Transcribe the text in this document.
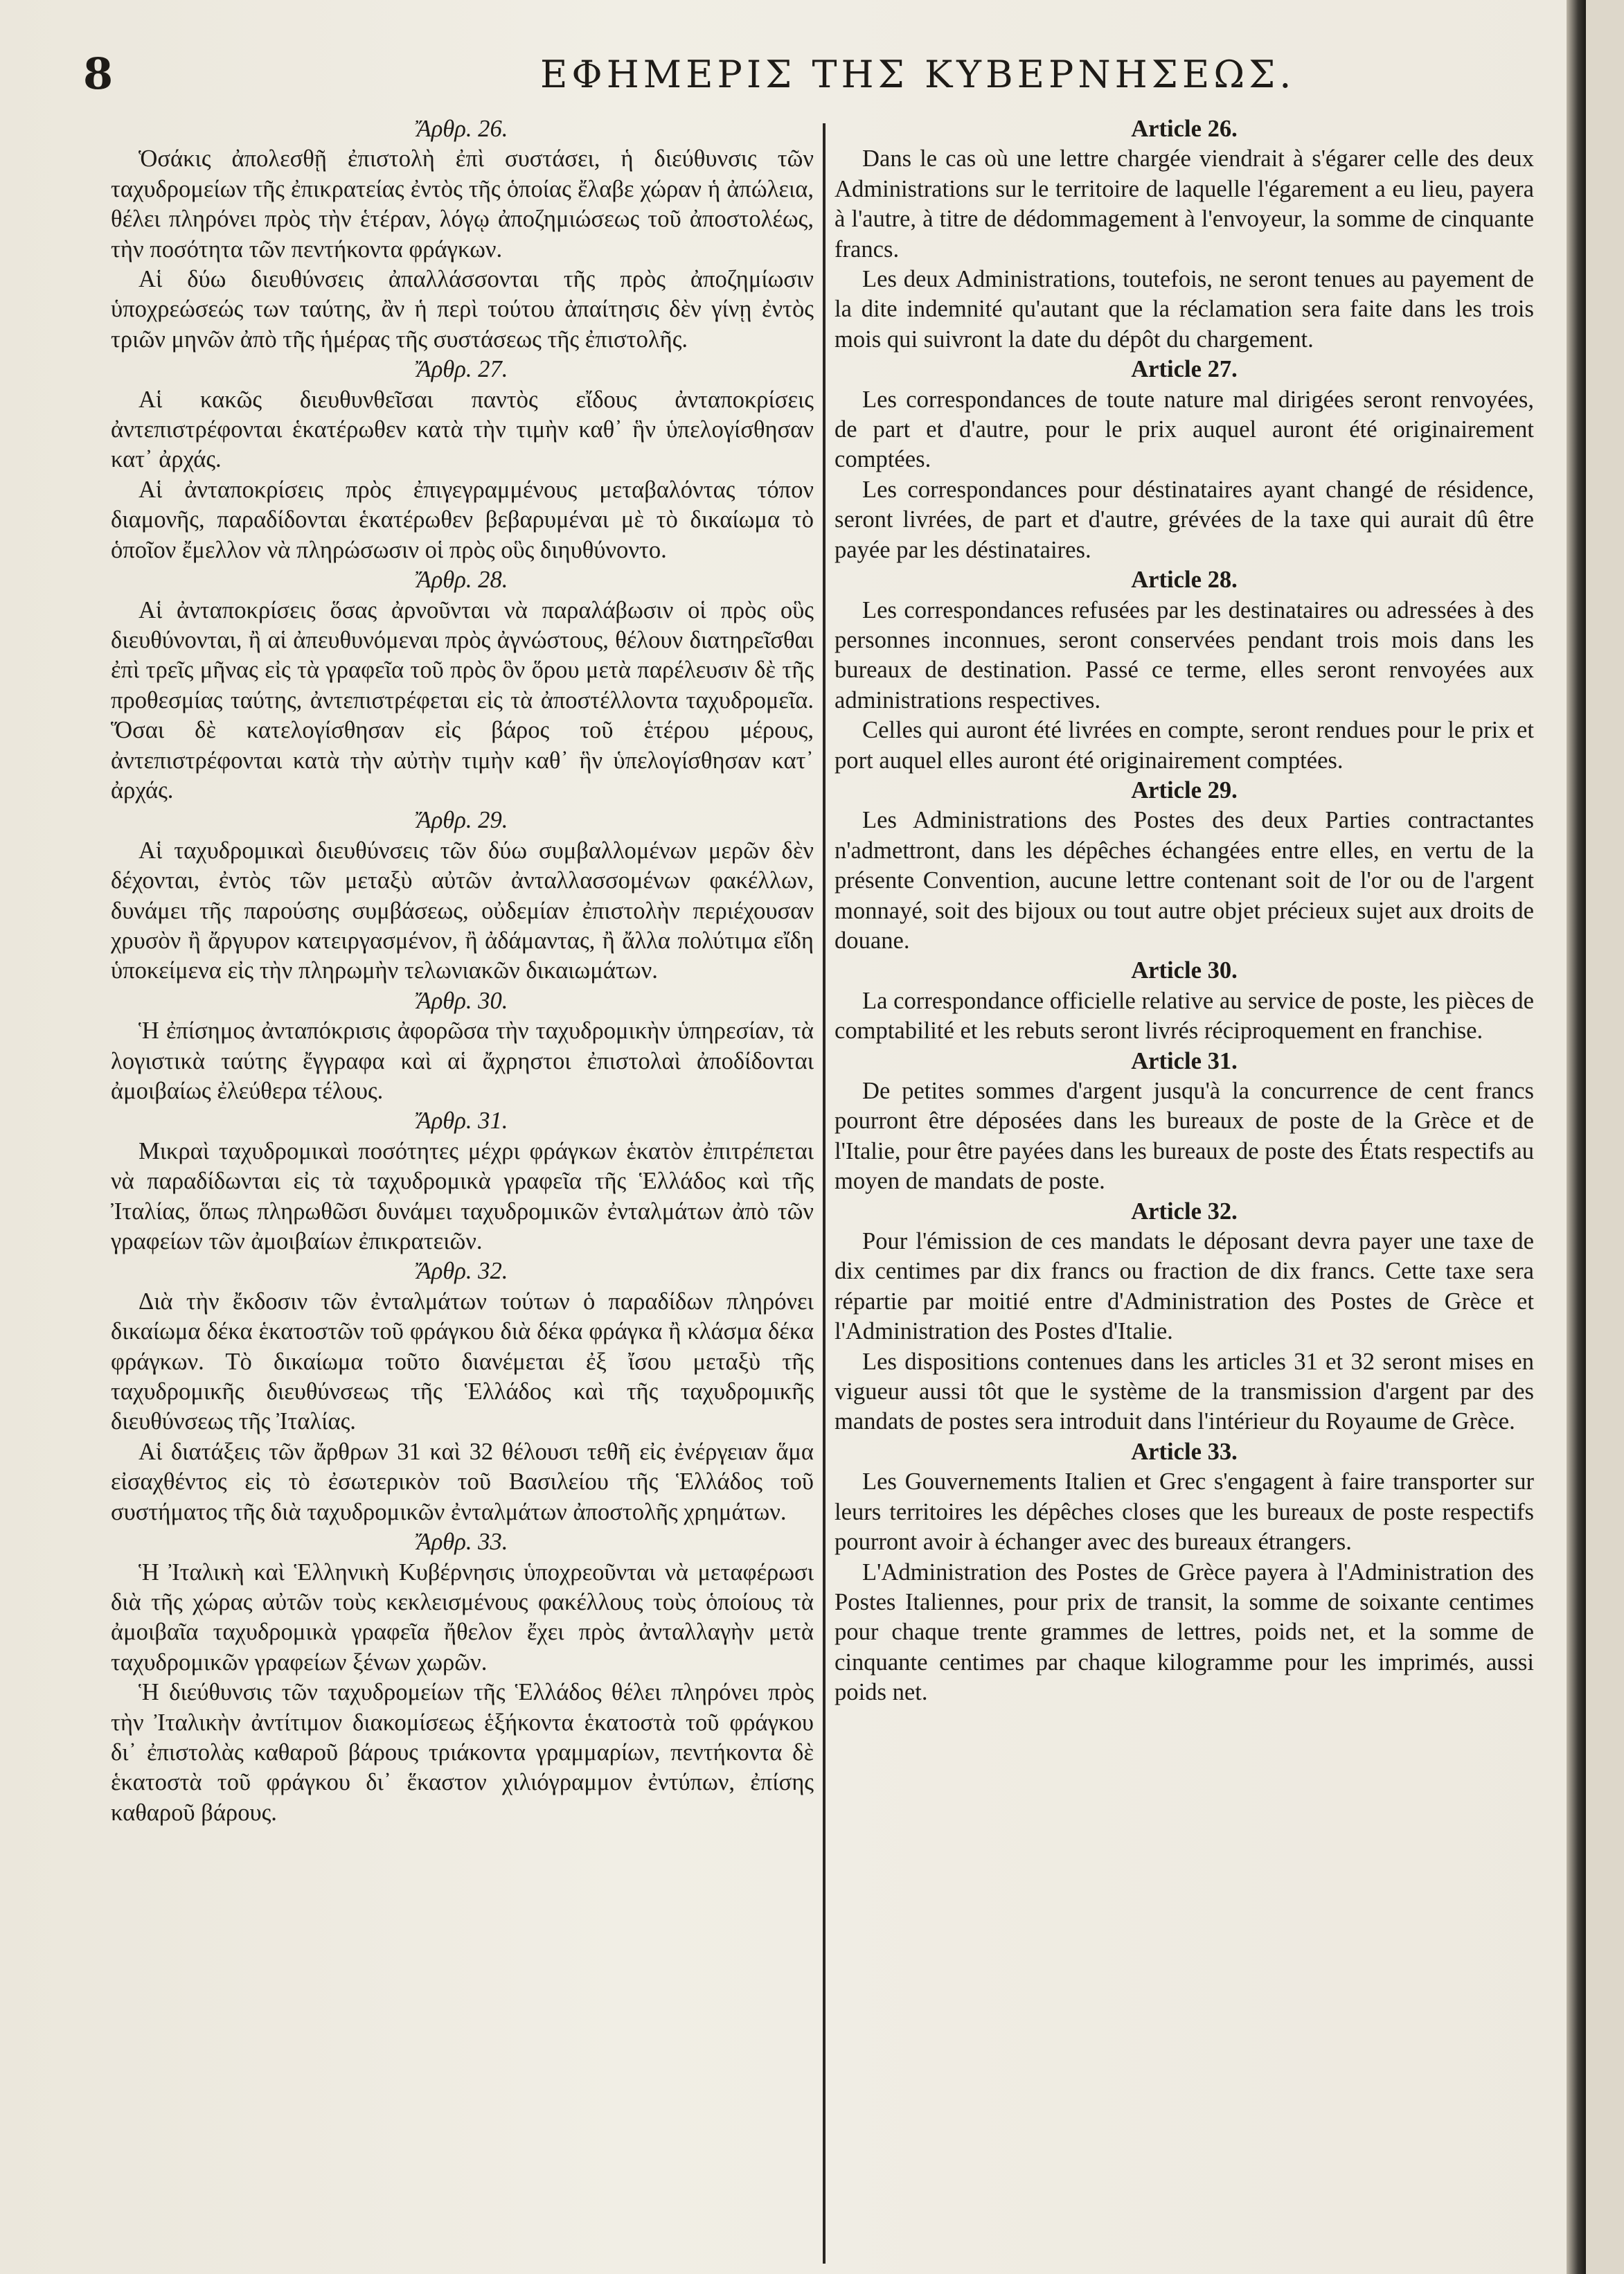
8	ΕΦΗΜΕΡΙΣ ΤΗΣ ΚΥΒΕΡΝΗΣΕΩΣ.
Ἄρθρ. 26.

Ὁσάκις ἀπολεσθῇ ἐπιστολὴ ἐπὶ συστάσει, ἡ διεύθυνσις τῶν ταχυδρομείων τῆς ἐπικρατείας ἐντὸς τῆς ὁποίας ἔλαβε χώραν ἡ ἀπώλεια, θέλει πληρόνει πρὸς τὴν ἑτέραν, λόγῳ ἀποζημιώσεως τοῦ ἀποστολέως, τὴν ποσότητα τῶν πεντήκοντα φράγκων.

Αἱ δύω διευθύνσεις ἀπαλλάσσονται τῆς πρὸς ἀποζημίωσιν ὑποχρεώσεώς των ταύτης, ἂν ἡ περὶ τούτου ἀπαίτησις δὲν γίνῃ ἐντὸς τριῶν μηνῶν ἀπὸ τῆς ἡμέρας τῆς συστάσεως τῆς ἐπιστολῆς.

Ἄρθρ. 27.

Αἱ κακῶς διευθυνθεῖσαι παντὸς εἴδους ἀνταποκρίσεις ἀντεπιστρέφονται ἑκατέρωθεν κατὰ τὴν τιμὴν καθ᾽ ἣν ὑπελογίσθησαν κατ᾽ ἀρχάς.

Αἱ ἀνταποκρίσεις πρὸς ἐπιγεγραμμένους μεταβαλόντας τόπον διαμονῆς, παραδίδονται ἑκατέρωθεν βεβαρυμέναι μὲ τὸ δικαίωμα τὸ ὁποῖον ἔμελλον νὰ πληρώσωσιν οἱ πρὸς οὓς διηυθύνοντο.

Ἄρθρ. 28.

Αἱ ἀνταποκρίσεις ὅσας ἀρνοῦνται νὰ παραλάβωσιν οἱ πρὸς οὓς διευθύνονται, ἢ αἱ ἀπευθυνόμεναι πρὸς ἀγνώστους, θέλουν διατηρεῖσθαι ἐπὶ τρεῖς μῆνας εἰς τὰ γραφεῖα τοῦ πρὸς ὃν ὅρου μετὰ παρέλευσιν δὲ τῆς προθεσμίας ταύτης, ἀντεπιστρέφεται εἰς τὰ ἀποστέλλοντα ταχυδρομεῖα. Ὅσαι δὲ κατελογίσθησαν εἰς βάρος τοῦ ἑτέρου μέρους, ἀντεπιστρέφονται κατὰ τὴν αὐτὴν τιμὴν καθ᾽ ἣν ὑπελογίσθησαν κατ᾽ ἀρχάς.

Ἄρθρ. 29.

Αἱ ταχυδρομικαὶ διευθύνσεις τῶν δύω συμβαλλομένων μερῶν δὲν δέχονται, ἐντὸς τῶν μεταξὺ αὐτῶν ἀνταλλασσομένων φακέλλων, δυνάμει τῆς παρούσης συμβάσεως, οὐδεμίαν ἐπιστολὴν περιέχουσαν χρυσὸν ἢ ἄργυρον κατειργασμένον, ἢ ἀδάμαντας, ἢ ἄλλα πολύτιμα εἴδη ὑποκείμενα εἰς τὴν πληρωμὴν τελωνιακῶν δικαιωμάτων.

Ἄρθρ. 30.

Ἡ ἐπίσημος ἀνταπόκρισις ἀφορῶσα τὴν ταχυδρομικὴν ὑπηρεσίαν, τὰ λογιστικὰ ταύτης ἔγγραφα καὶ αἱ ἄχρηστοι ἐπιστολαὶ ἀποδίδονται ἀμοιβαίως ἐλεύθερα τέλους.

Ἄρθρ. 31.

Μικραὶ ταχυδρομικαὶ ποσότητες μέχρι φράγκων ἑκατὸν ἐπιτρέπεται νὰ παραδίδωνται εἰς τὰ ταχυδρομικὰ γραφεῖα τῆς Ἑλλάδος καὶ τῆς Ἰταλίας, ὅπως πληρωθῶσι δυνάμει ταχυδρομικῶν ἐνταλμάτων ἀπὸ τῶν γραφείων τῶν ἀμοιβαίων ἐπικρατειῶν.

Ἄρθρ. 32.

Διὰ τὴν ἔκδοσιν τῶν ἐνταλμάτων τούτων ὁ παραδίδων πληρόνει δικαίωμα δέκα ἑκατοστῶν τοῦ φράγκου διὰ δέκα φράγκα ἢ κλάσμα δέκα φράγκων. Τὸ δικαίωμα τοῦτο διανέμεται ἐξ ἴσου μεταξὺ τῆς ταχυδρομικῆς διευθύνσεως τῆς Ἑλλάδος καὶ τῆς ταχυδρομικῆς διευθύνσεως τῆς Ἰταλίας.

Αἱ διατάξεις τῶν ἄρθρων 31 καὶ 32 θέλουσι τεθῆ εἰς ἐνέργειαν ἅμα εἰσαχθέντος εἰς τὸ ἐσωτερικὸν τοῦ Βασιλείου τῆς Ἑλλάδος τοῦ συστήματος τῆς διὰ ταχυδρομικῶν ἐνταλμάτων ἀποστολῆς χρημάτων.

Ἄρθρ. 33.

Ἡ Ἰταλικὴ καὶ Ἑλληνικὴ Κυβέρνησις ὑποχρεοῦνται νὰ μεταφέρωσι διὰ τῆς χώρας αὐτῶν τοὺς κεκλεισμένους φακέλλους τοὺς ὁποίους τὰ ἀμοιβαῖα ταχυδρομικὰ γραφεῖα ἤθελον ἔχει πρὸς ἀνταλλαγὴν μετὰ ταχυδρομικῶν γραφείων ξένων χωρῶν.

Ἡ διεύθυνσις τῶν ταχυδρομείων τῆς Ἑλλάδος θέλει πληρόνει πρὸς τὴν Ἰταλικὴν ἀντίτιμον διακομίσεως ἑξήκοντα ἑκατοστὰ τοῦ φράγκου δι᾽ ἐπιστολὰς καθαροῦ βάρους τριάκοντα γραμμαρίων, πεντήκοντα δὲ ἑκατοστὰ τοῦ φράγκου δι᾽ ἕκαστον χιλιόγραμμον ἐντύπων, ἐπίσης καθαροῦ βάρους.

Article 26.

Dans le cas où une lettre chargée viendrait à s'égarer celle des deux Administrations sur le territoire de laquelle l'égarement a eu lieu, payera à l'autre, à titre de dédommagement à l'envoyeur, la somme de cinquante francs.

Les deux Administrations, toutefois, ne seront tenues au payement de la dite indemnité qu'autant que la réclamation sera faite dans les trois mois qui suivront la date du dépôt du chargement.

Article 27.

Les correspondances de toute nature mal dirigées seront renvoyées, de part et d'autre, pour le prix auquel auront été originairement comptées.

Les correspondances pour déstinataires ayant changé de résidence, seront livrées, de part et d'autre, grévées de la taxe qui aurait dû être payée par les déstinataires.

Article 28.

Les correspondances refusées par les destinataires ou adressées à des personnes inconnues, seront conservées pendant trois mois dans les bureaux de destination. Passé ce terme, elles seront renvoyées aux administrations respectives.

Celles qui auront été livrées en compte, seront rendues pour le prix et port auquel elles auront été originairement comptées.

Article 29.

Les Administrations des Postes des deux Parties contractantes n'admettront, dans les dépêches échangées entre elles, en vertu de la présente Convention, aucune lettre contenant soit de l'or ou de l'argent monnayé, soit des bijoux ou tout autre objet précieux sujet aux droits de douane.

Article 30.

La correspondance officielle relative au service de poste, les pièces de comptabilité et les rebuts seront livrés réciproquement en franchise.

Article 31.

De petites sommes d'argent jusqu'à la concurrence de cent francs pourront être déposées dans les bureaux de poste de la Grèce et de l'Italie, pour être payées dans les bureaux de poste des États respectifs au moyen de mandats de poste.

Article 32.

Pour l'émission de ces mandats le déposant devra payer une taxe de dix centimes par dix francs ou fraction de dix francs. Cette taxe sera répartie par moitié entre d'Administration des Postes de Grèce et l'Administration des Postes d'Italie.

Les dispositions contenues dans les articles 31 et 32 seront mises en vigueur aussi tôt que le système de la transmission d'argent par des mandats de postes sera introduit dans l'intérieur du Royaume de Grèce.

Article 33.

Les Gouvernements Italien et Grec s'engagent à faire transporter sur leurs territoires les dépêches closes que les bureaux de poste respectifs pourront avoir à échanger avec des bureaux étrangers.

L'Administration des Postes de Grèce payera à l'Administration des Postes Italiennes, pour prix de transit, la somme de soixante centimes pour chaque trente grammes de lettres, poids net, et la somme de cinquante centimes par chaque kilogramme pour les imprimés, aussi poids net.
